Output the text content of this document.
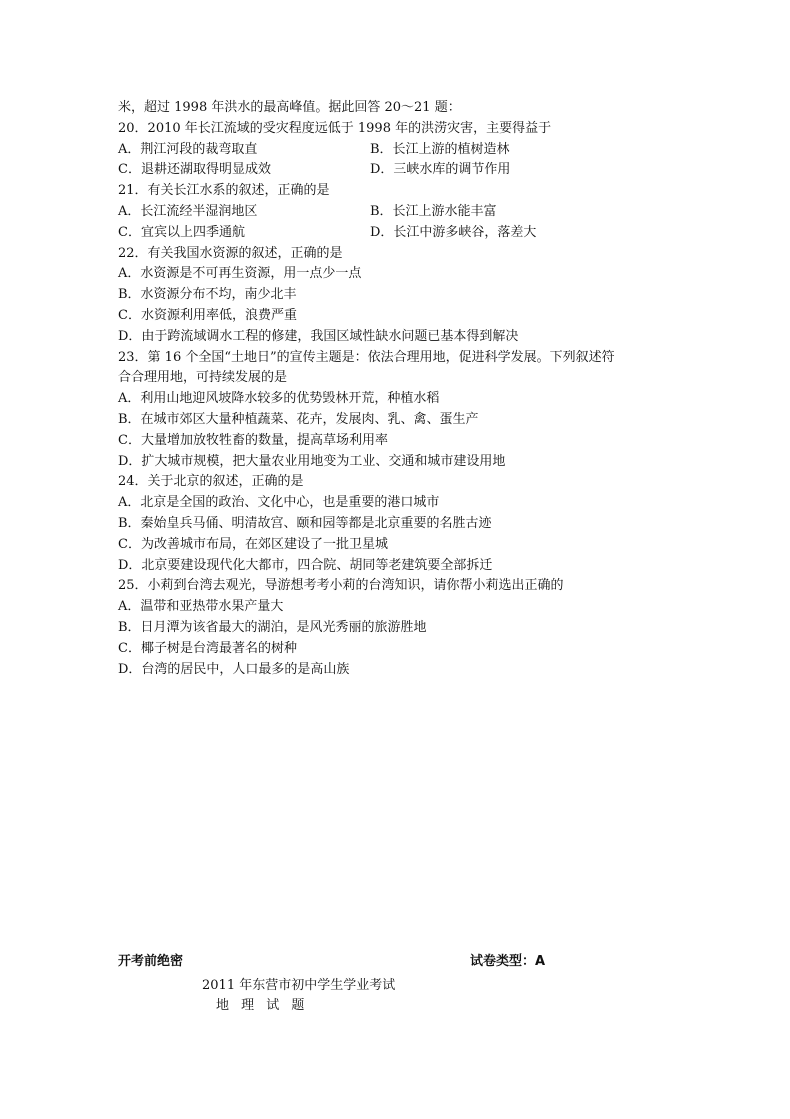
米，超过 1998 年洪水的最高峰值。据此回答 20～21 题：
20．2010 年长江流域的受灾程度远低于 1998 年的洪涝灾害，主要得益于
A．荆江河段的裁弯取直	B．长江上游的植树造林
C．退耕还湖取得明显成效	D．三峡水库的调节作用
21．有关长江水系的叙述，正确的是
A．长江流经半湿润地区	B．长江上游水能丰富
C．宜宾以上四季通航	D．长江中游多峡谷，落差大
22．有关我国水资源的叙述，正确的是
A．水资源是不可再生资源，用一点少一点
B．水资源分布不均，南少北丰
C．水资源利用率低，浪费严重
D．由于跨流域调水工程的修建，我国区域性缺水问题已基本得到解决
23．第 16 个全国“土地日”的宣传主题是：依法合理用地，促进科学发展。下列叙述符
合合理用地，可持续发展的是
A．利用山地迎风坡降水较多的优势毁林开荒，种植水稻
B．在城市郊区大量种植蔬菜、花卉，发展肉、乳、禽、蛋生产
C．大量增加放牧牲畜的数量，提高草场利用率
D．扩大城市规模，把大量农业用地变为工业、交通和城市建设用地
24．关于北京的叙述，正确的是
A．北京是全国的政治、文化中心，也是重要的港口城市
B．秦始皇兵马俑、明清故宫、颐和园等都是北京重要的名胜古迹
C．为改善城市布局，在郊区建设了一批卫星城
D．北京要建设现代化大都市，四合院、胡同等老建筑要全部拆迁
25．小莉到台湾去观光，导游想考考小莉的台湾知识，请你帮小莉选出正确的
A．温带和亚热带水果产量大
B．日月潭为该省最大的湖泊，是风光秀丽的旅游胜地
C．椰子树是台湾最著名的树种
D．台湾的居民中，人口最多的是高山族
开考前绝密	试卷类型：A
2011 年东营市初中学生学业考试
地 理 试 题
